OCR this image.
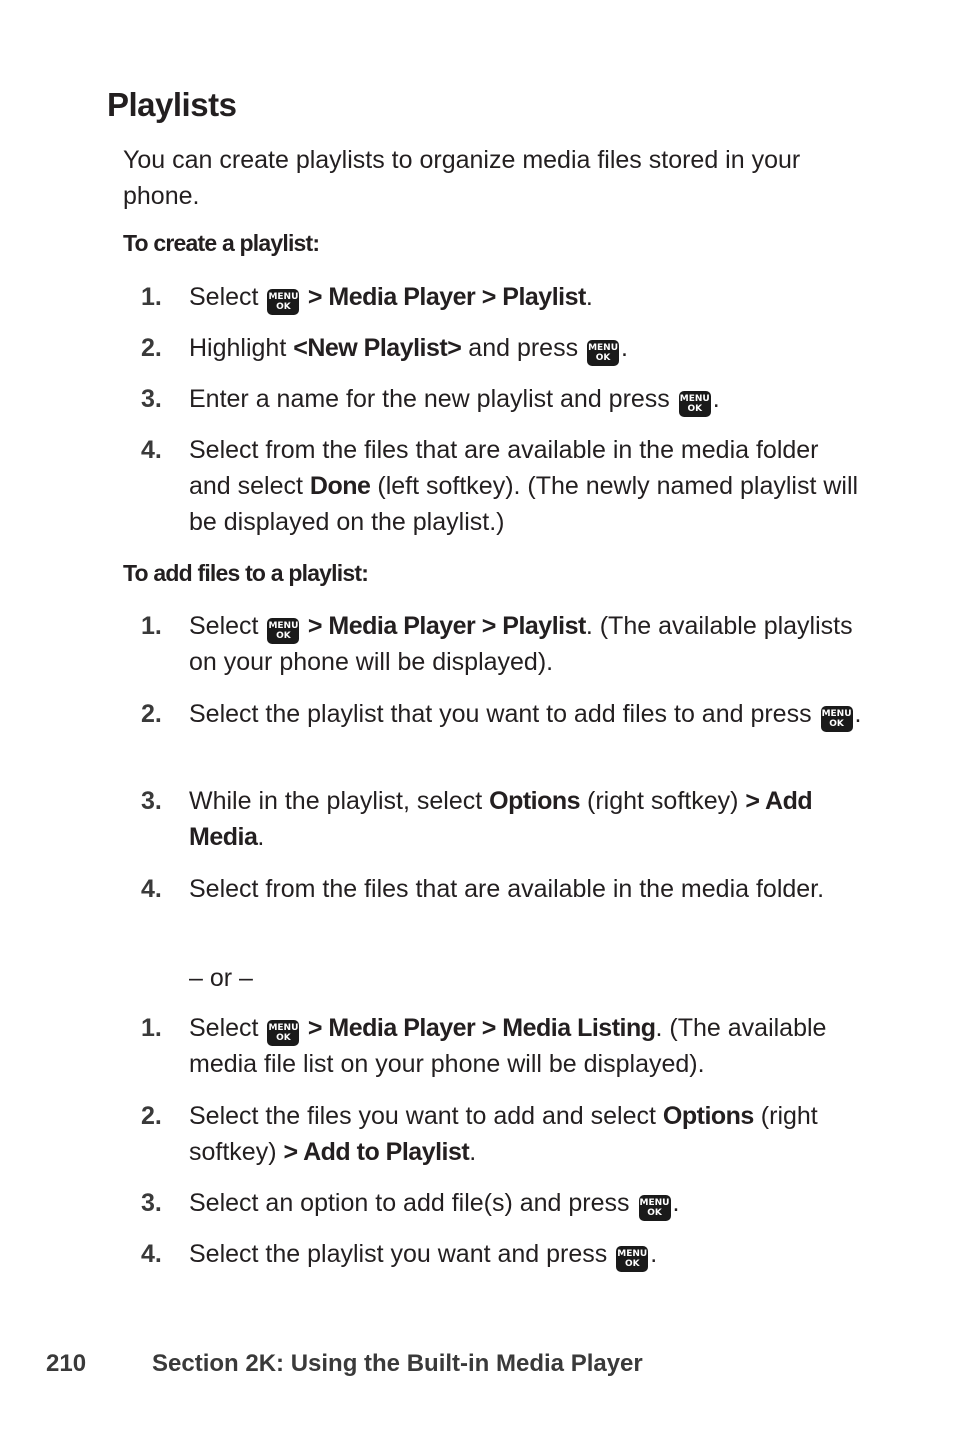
Playlists

You can create playlists to organize media files stored in your phone.

To create a playlist:

1.	Select MENU
OK > Media Player > Playlist.
2.	Highlight <New Playlist> and press MENU
OK .
3.	Enter a name for the new playlist and press MENU
OK .
4.	Select from the files that are available in the media folder and select Done (left softkey). (The newly named playlist will be displayed on the playlist.)

To add files to a playlist:

1.	Select MENU
OK > Media Player > Playlist. (The available playlists on your phone will be displayed).
2.	Select the playlist that you want to add files to and press MENU
OK .
3.	While in the playlist, select Options (right softkey) > Add Media.
4.	Select from the files that are available in the media folder.
– or –
1.	Select MENU
OK > Media Player > Media Listing. (The available media file list on your phone will be displayed).
2.	Select the files you want to add and select Options (right softkey) > Add to Playlist.
3.	Select an option to add file(s) and press MENU
OK .
4.	Select the playlist you want and press MENU
OK .
210	Section 2K: Using the Built-in Media Player
